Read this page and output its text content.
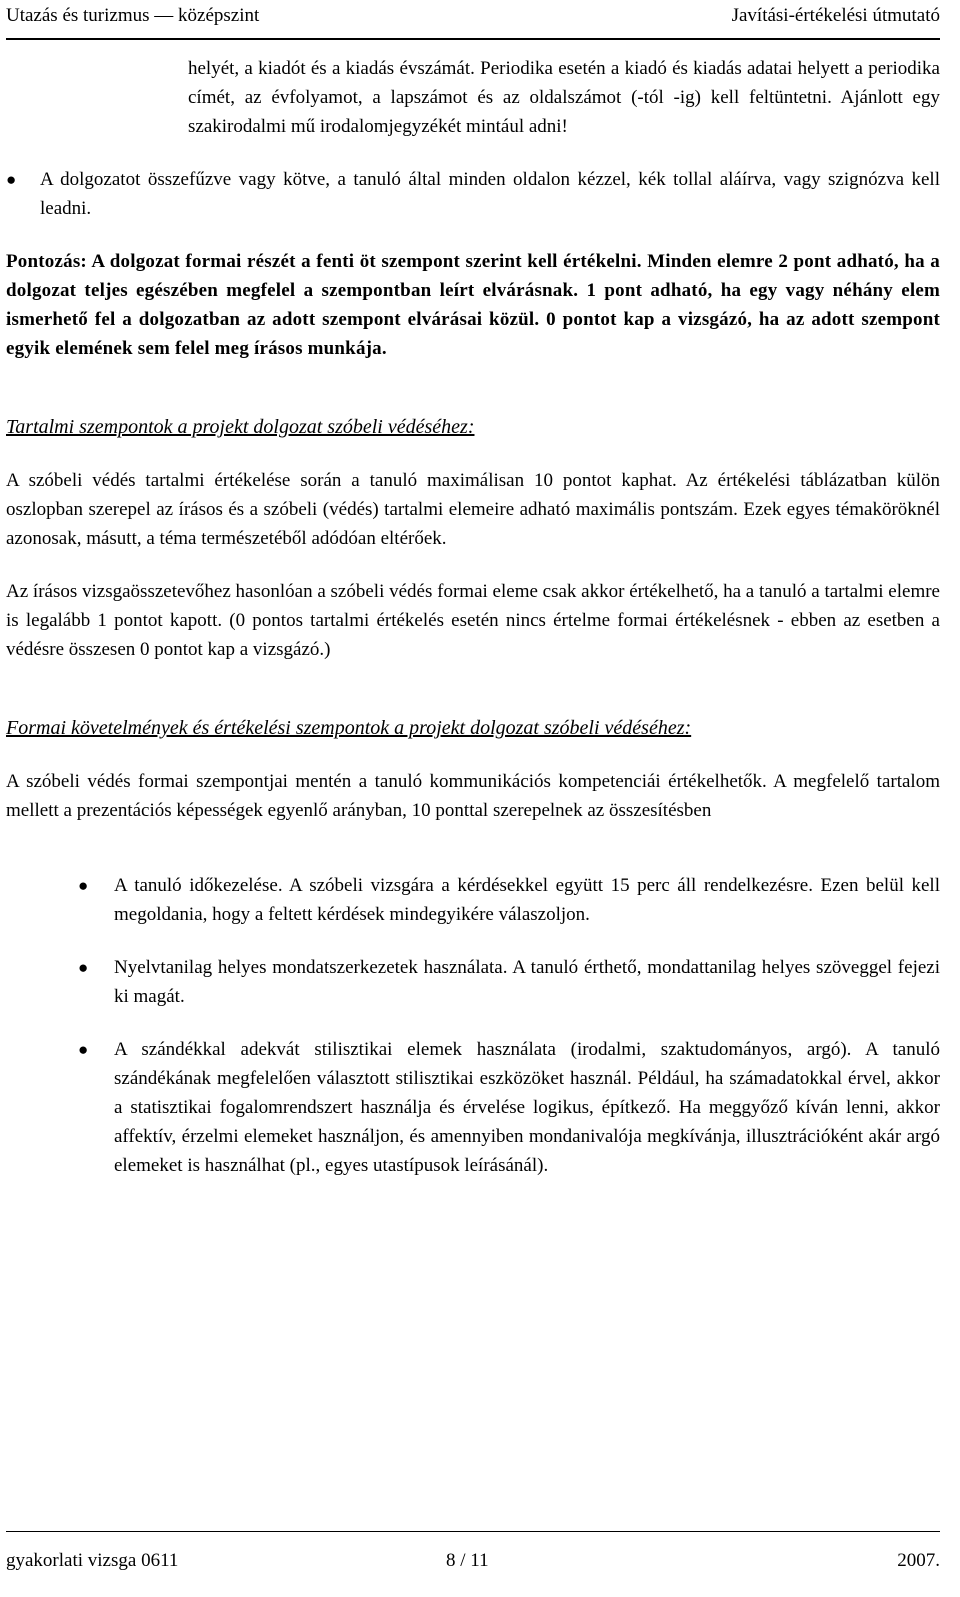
Utazás és turizmus — középszint	Javítási-értékelési útmutató

helyét, a kiadót és a kiadás évszámát. Periodika esetén a kiadó és kiadás adatai helyett a periodika címét, az évfolyamot, a lapszámot és az oldalszámot (-tól -ig) kell feltüntetni. Ajánlott egy szakirodalmi mű irodalomjegyzékét mintául adni!

● A dolgozatot összefűzve vagy kötve, a tanuló által minden oldalon kézzel, kék tollal aláírva, vagy szignózva kell leadni.

Pontozás: A dolgozat formai részét a fenti öt szempont szerint kell értékelni. Minden elemre 2 pont adható, ha a dolgozat teljes egészében megfelel a szempontban leírt elvárásnak. 1 pont adható, ha egy vagy néhány elem ismerhető fel a dolgozatban az adott szempont elvárásai közül. 0 pontot kap a vizsgázó, ha az adott szempont egyik elemének sem felel meg írásos munkája.

Tartalmi szempontok a projekt dolgozat szóbeli védéséhez:

A szóbeli védés tartalmi értékelése során a tanuló maximálisan 10 pontot kaphat. Az értékelési táblázatban külön oszlopban szerepel az írásos és a szóbeli (védés) tartalmi elemeire adható maximális pontszám. Ezek egyes témaköröknél azonosak, másutt, a téma természetéből adódóan eltérőek.

Az írásos vizsgaösszetevőhez hasonlóan a szóbeli védés formai eleme csak akkor értékelhető, ha a tanuló a tartalmi elemre is legalább 1 pontot kapott. (0 pontos tartalmi értékelés esetén nincs értelme formai értékelésnek - ebben az esetben a védésre összesen 0 pontot kap a vizsgázó.)

Formai követelmények és értékelési szempontok a projekt dolgozat szóbeli védéséhez:

A szóbeli védés formai szempontjai mentén a tanuló kommunikációs kompetenciái értékelhetők. A megfelelő tartalom mellett a prezentációs képességek egyenlő arányban, 10 ponttal szerepelnek az összesítésben

● A tanuló időkezelése. A szóbeli vizsgára a kérdésekkel együtt 15 perc áll rendelkezésre. Ezen belül kell megoldania, hogy a feltett kérdések mindegyikére válaszoljon.

● Nyelvtanilag helyes mondatszerkezetek használata. A tanuló érthető, mondattanilag helyes szöveggel fejezi ki magát.

● A szándékkal adekvát stilisztikai elemek használata (irodalmi, szaktudományos, argó). A tanuló szándékának megfelelően választott stilisztikai eszközöket használ. Például, ha számadatokkal érvel, akkor a statisztikai fogalomrendszert használja és érvelése logikus, építkező. Ha meggyőző kíván lenni, akkor affektív, érzelmi elemeket használjon, és amennyiben mondanivalója megkívánja, illusztrációként akár argó elemeket is használhat (pl., egyes utastípusok leírásánál).

gyakorlati vizsga 0611	8 / 11	2007.
